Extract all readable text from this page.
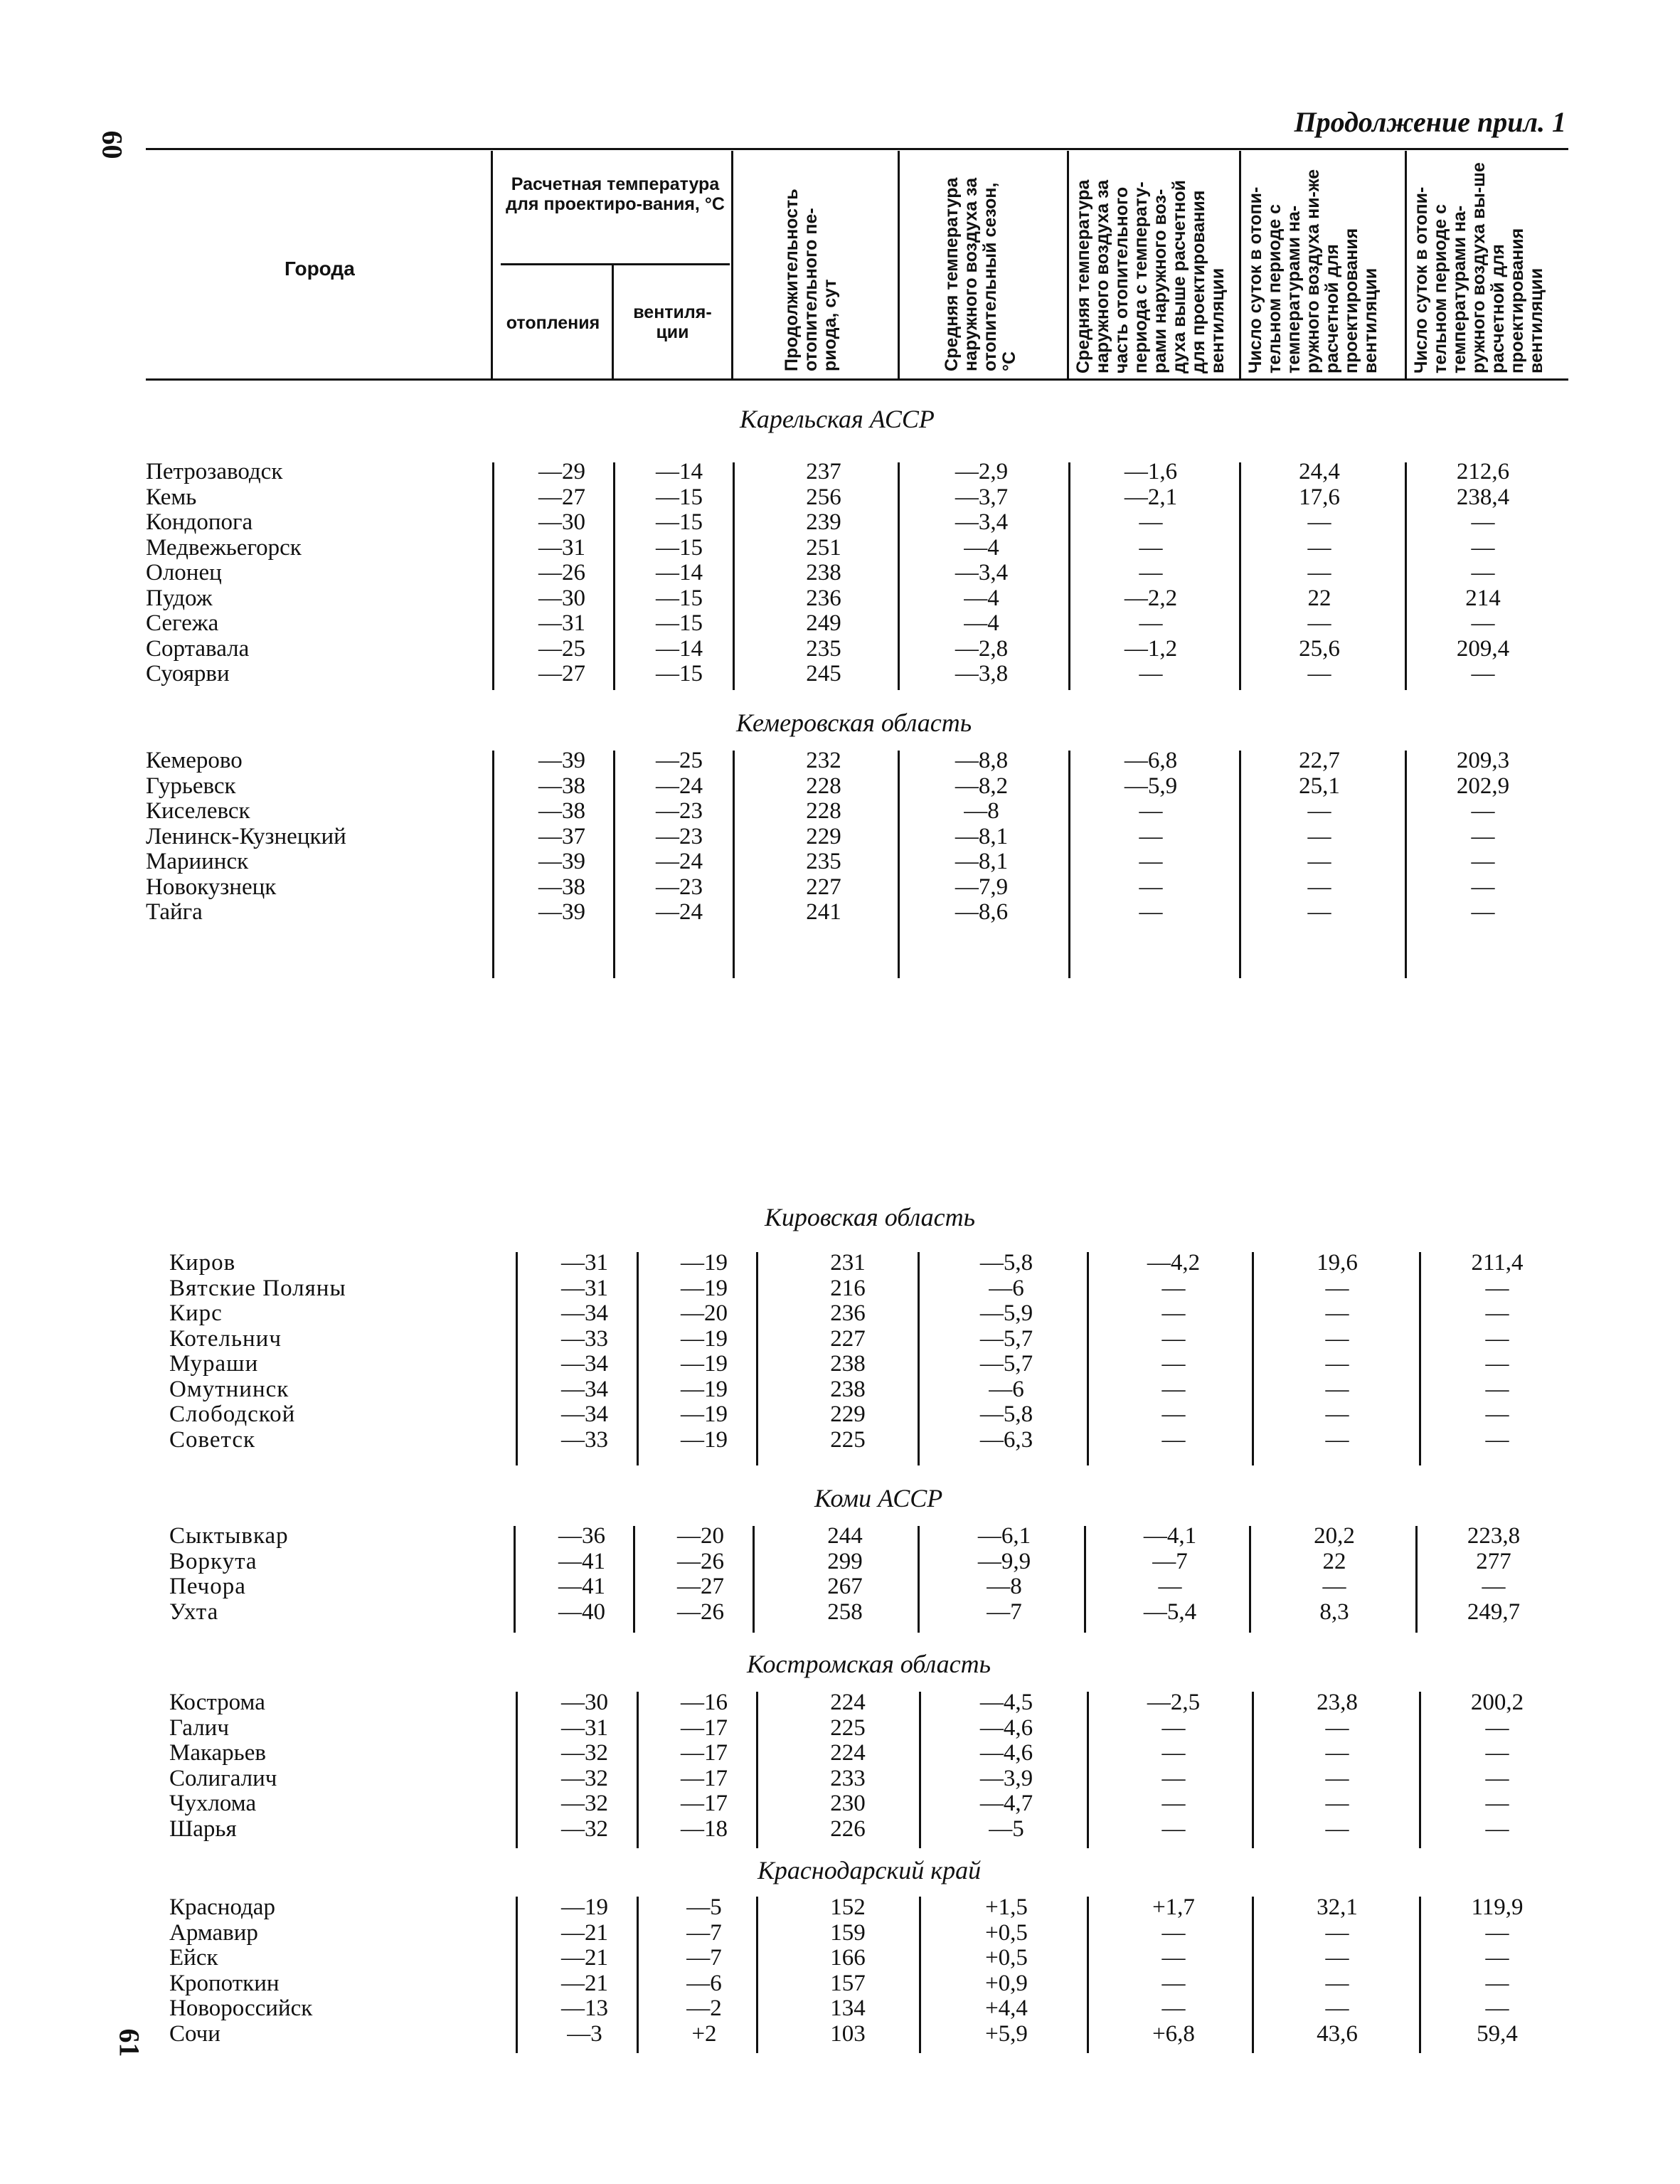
60
61
Продолжение прил. 1
Города
Расчетная температура для проектиро-вания, °С
отопления
вентиля-ции	Продолжительность отопительного пе-риода, сут	Средняя температура наружного воздуха за отопительный сезон, °С	Средняя температура наружного воздуха за часть отопительного периода с температу-рами наружного воз-духа выше расчетной для проектирования вентиляции	Число суток в отопи-тельном периоде с температурами на-ружного воздуха ни-же расчетной для проектирования вентиляции	Число суток в отопи-тельном периоде с температурами на-ружного воздуха вы-ше расчетной для проектирования вентиляции
Карельская АССР
Петрозаводск	—29	—14	237	—2,9	—1,6	24,4	212,6
Кемь	—27	—15	256	—3,7	—2,1	17,6	238,4
Кондопога	—30	—15	239	—3,4	—	—	—
Медвежьегорск	—31	—15	251	—4	—	—	—
Олонец	—26	—14	238	—3,4	—	—	—
Пудож	—30	—15	236	—4	—2,2	22	214
Сегежа	—31	—15	249	—4	—	—	—
Сортавала	—25	—14	235	—2,8	—1,2	25,6	209,4
Суоярви	—27	—15	245	—3,8	—	—	—
Кемеровская область
Кемерово	—39	—25	232	—8,8	—6,8	22,7	209,3
Гурьевск	—38	—24	228	—8,2	—5,9	25,1	202,9
Киселевск	—38	—23	228	—8	—	—	—
Ленинск-Кузнецкий	—37	—23	229	—8,1	—	—	—
Мариинск	—39	—24	235	—8,1	—	—	—
Новокузнецк	—38	—23	227	—7,9	—	—	—
Тайга	—39	—24	241	—8,6	—	—	—
Кировская область
Киров	—31	—19	231	—5,8	—4,2	19,6	211,4
Вятские Поляны	—31	—19	216	—6	—	—	—
Кирс	—34	—20	236	—5,9	—	—	—
Котельнич	—33	—19	227	—5,7	—	—	—
Мураши	—34	—19	238	—5,7	—	—	—
Омутнинск	—34	—19	238	—6	—	—	—
Слободской	—34	—19	229	—5,8	—	—	—
Советск	—33	—19	225	—6,3	—	—	—
Коми АССР
Сыктывкар	—36	—20	244	—6,1	—4,1	20,2	223,8
Воркута	—41	—26	299	—9,9	—7	22	277
Печора	—41	—27	267	—8	—	—	—
Ухта	—40	—26	258	—7	—5,4	8,3	249,7
Костромская область
Кострома	—30	—16	224	—4,5	—2,5	23,8	200,2
Галич	—31	—17	225	—4,6	—	—	—
Макарьев	—32	—17	224	—4,6	—	—	—
Солигалич	—32	—17	233	—3,9	—	—	—
Чухлома	—32	—17	230	—4,7	—	—	—
Шарья	—32	—18	226	—5	—	—	—
Краснодарский край
Краснодар	—19	—5	152	+1,5	+1,7	32,1	119,9
Армавир	—21	—7	159	+0,5	—	—	—
Ейск	—21	—7	166	+0,5	—	—	—
Кропоткин	—21	—6	157	+0,9	—	—	—
Новороссийск	—13	—2	134	+4,4	—	—	—
Сочи	—3	+2	103	+5,9	+6,8	43,6	59,4
